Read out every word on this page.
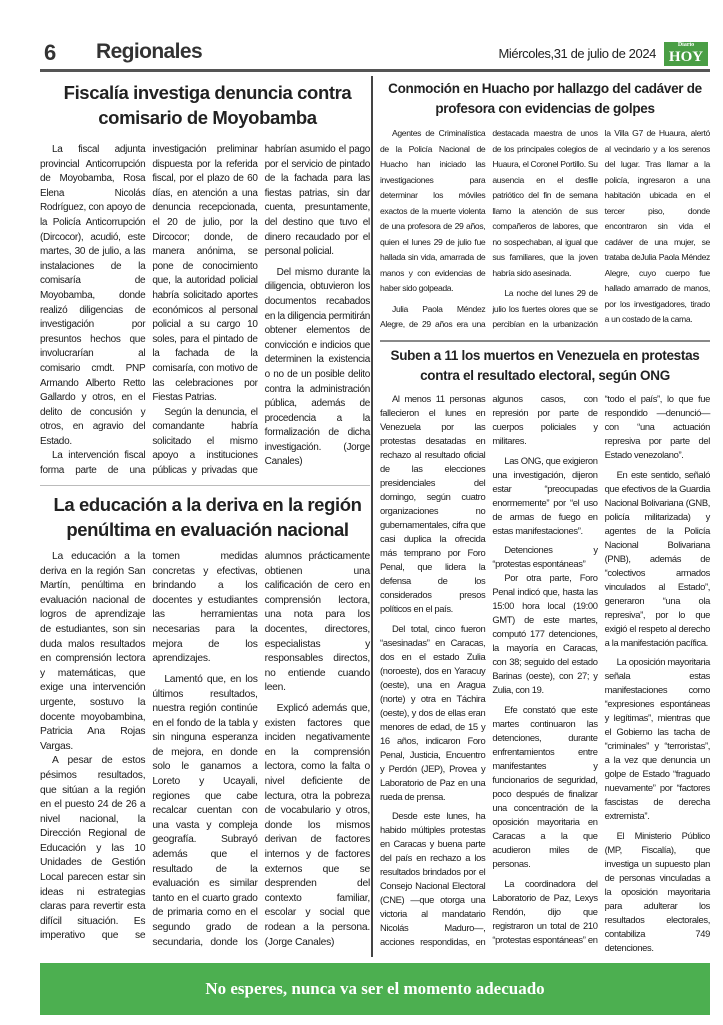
6 Regionales	Miércoles,31 de julio de 2024
Diario
HOY
Fiscalía investiga denuncia contra comisario de Moyobamba

La fiscal adjunta provincial Anticorrupción de Moyobamba, Rosa Elena Nicolás Rodríguez, con apoyo de la Policía Anticorrupción (Dircocor), acudió, este martes, 30 de julio, a las instalaciones de la comisaría de Moyobamba, donde realizó diligencias de investigación por presuntos hechos que involucrarían al comisario cmdt. PNP Armando Alberto Retto Gallardo y otros, en el delito de concusión y otros, en agravio del Estado.

La intervención fiscal forma parte de una investigación preliminar dispuesta por la referida fiscal, por el plazo de 60 días, en atención a una denuncia recepcionada, el 20 de julio, por la Dircocor; donde, de manera anónima, se pone de conocimiento que, la autoridad policial habría solicitado aportes económicos al personal policial a su cargo 10 soles, para el pintado de la fachada de la comisaría, con motivo de las celebraciones por Fiestas Patrias.

Según la denuncia, el comandante habría solicitado el mismo apoyo a instituciones públicas y privadas que habrían asumido el pago por el servicio de pintado de la fachada para las fiestas patrias, sin dar cuenta, presuntamente, del destino que tuvo el dinero recaudado por el personal policial.

Del mismo durante la diligencia, obtuvieron los documentos recabados en la diligencia permitirán obtener elementos de convicción e indicios que determinen la existencia o no de un posible delito contra la administración pública, además de procedencia a la formalización de dicha investigación. (Jorge Canales)

Conmoción en Huacho por hallazgo del cadáver de profesora con evidencias de golpes

Agentes de Criminalística de la Policía Nacional de Huacho han iniciado las investigaciones para determinar los móviles exactos de la muerte violenta de una profesora de 29 años, quien el lunes 29 de julio fue hallada sin vida, amarrada de manos y con evidencias de haber sido golpeada.

Julia Paola Méndez Alegre, de 29 años era una destacada maestra de unos de los principales colegios de Huaura, el Coronel Portillo. Su ausencia en el desfile patriótico del fin de semana llamo la atención de sus compañeros de labores, que no sospechaban, al igual que sus familiares, que la joven habría sido asesinada.

La noche del lunes 29 de julio los fuertes olores que se percibían en la urbanización la Villa G7 de Huaura, alertó al vecindario y a los serenos del lugar. Tras llamar a la policía, ingresaron a una habitación ubicada en el tercer piso, donde encontraron sin vida el cadáver de una mujer, se trataba deJulia Paola Méndez Alegre, cuyo cuerpo fue hallado amarrado de manos, por los investigadores, tirado a un costado de la cama.

Suben a 11 los muertos en Venezuela en protestas contra el resultado electoral, según ONG

Al menos 11 personas fallecieron el lunes en Venezuela por las protestas desatadas en rechazo al resultado oficial de las elecciones presidenciales del domingo, según cuatro organizaciones no gubernamentales, cifra que casi duplica la ofrecida más temprano por Foro Penal, que lidera la defensa de los considerados presos políticos en el país.

Del total, cinco fueron “asesinadas” en Caracas, dos en el estado Zulia (noroeste), dos en Yaracuy (oeste), una en Aragua (norte) y otra en Táchira (oeste), y dos de ellas eran menores de edad, de 15 y 16 años, indicaron Foro Penal, Justicia, Encuentro y Perdón (JEP), Provea y Laboratorio de Paz en una rueda de prensa.

Desde este lunes, ha habido múltiples protestas en Caracas y buena parte del país en rechazo a los resultados brindados por el Consejo Nacional Electoral (CNE) —que otorga una victoria al mandatario Nicolás Maduro—, acciones respondidas, en algunos casos, con represión por parte de cuerpos policiales y militares.

Las ONG, que exigieron una investigación, dijeron estar “preocupadas enormemente” por “el uso de armas de fuego en estas manifestaciones”.

Detenciones y “protestas espontáneas”

Por otra parte, Foro Penal indicó que, hasta las 15:00 hora local (19:00 GMT) de este martes, computó 177 detenciones, la mayoría en Caracas, con 38; seguido del estado Barinas (oeste), con 27; y Zulia, con 19.

Efe constató que este martes continuaron las detenciones, durante enfrentamientos entre manifestantes y funcionarios de seguridad, poco después de finalizar una concentración de la oposición mayoritaria en Caracas a la que acudieron miles de personas.

La coordinadora del Laboratorio de Paz, Lexys Rendón, dijo que registraron un total de 210 “protestas espontáneas” en “todo el país”, lo que fue respondido —denunció— con “una actuación represiva por parte del Estado venezolano”.

En este sentido, señaló que efectivos de la Guardia Nacional Bolivariana (GNB, policía militarizada) y agentes de la Policía Nacional Bolivariana (PNB), además de “colectivos armados vinculados al Estado”, generaron “una ola represiva”, por lo que exigió el respeto al derecho a la manifestación pacífica.

La oposición mayoritaria señala estas manifestaciones como “expresiones espontáneas y legítimas”, mientras que el Gobierno las tacha de “criminales” y “terroristas”, a la vez que denuncia un golpe de Estado “fraguado nuevamente” por “factores fascistas de derecha extremista”.

El Ministerio Público (MP, Fiscalía), que investiga un supuesto plan de personas vinculadas a la oposición mayoritaria para adulterar los resultados electorales, contabiliza 749 detenciones.

La educación a la deriva en la región penúltima en evaluación nacional

La educación a la deriva en la región San Martín, penúltima en evaluación nacional de logros de aprendizaje de estudiantes, son sin duda malos resultados en comprensión lectora y matemáticas, que exige una intervención urgente, sostuvo la docente moyobambina, Patricia Ana Rojas Vargas.

A pesar de estos pésimos resultados, que sitúan a la región en el puesto 24 de 26 a nivel nacional, la Dirección Regional de Educación y las 10 Unidades de Gestión Local parecen estar sin ideas ni estrategias claras para revertir esta difícil situación. Es imperativo que se tomen medidas concretas y efectivas, brindando a los docentes y estudiantes las herramientas necesarias para la mejora de los aprendizajes.

Lamentó que, en los últimos resultados, nuestra región continúe en el fondo de la tabla y sin ninguna esperanza de mejora, en donde solo le ganamos a Loreto y Ucayali, regiones que cabe recalcar cuentan con una vasta y compleja geografía. Subrayó además que el resultado de la evaluación es similar tanto en el cuarto grado de primaria como en el segundo grado de secundaria, donde los alumnos prácticamente obtienen una calificación de cero en comprensión lectora, una nota para los docentes, directores, especialistas y responsables directos, no entiende cuando leen.

Explicó además que, existen factores que inciden negativamente en la comprensión lectora, como la falta o nivel deficiente de lectura, otra la pobreza de vocabulario y otros, donde los mismos derivan de factores internos y de factores externos que se desprenden del contexto familiar, escolar y social que rodean a la persona. (Jorge Canales)

No esperes, nunca va ser el momento adecuado
